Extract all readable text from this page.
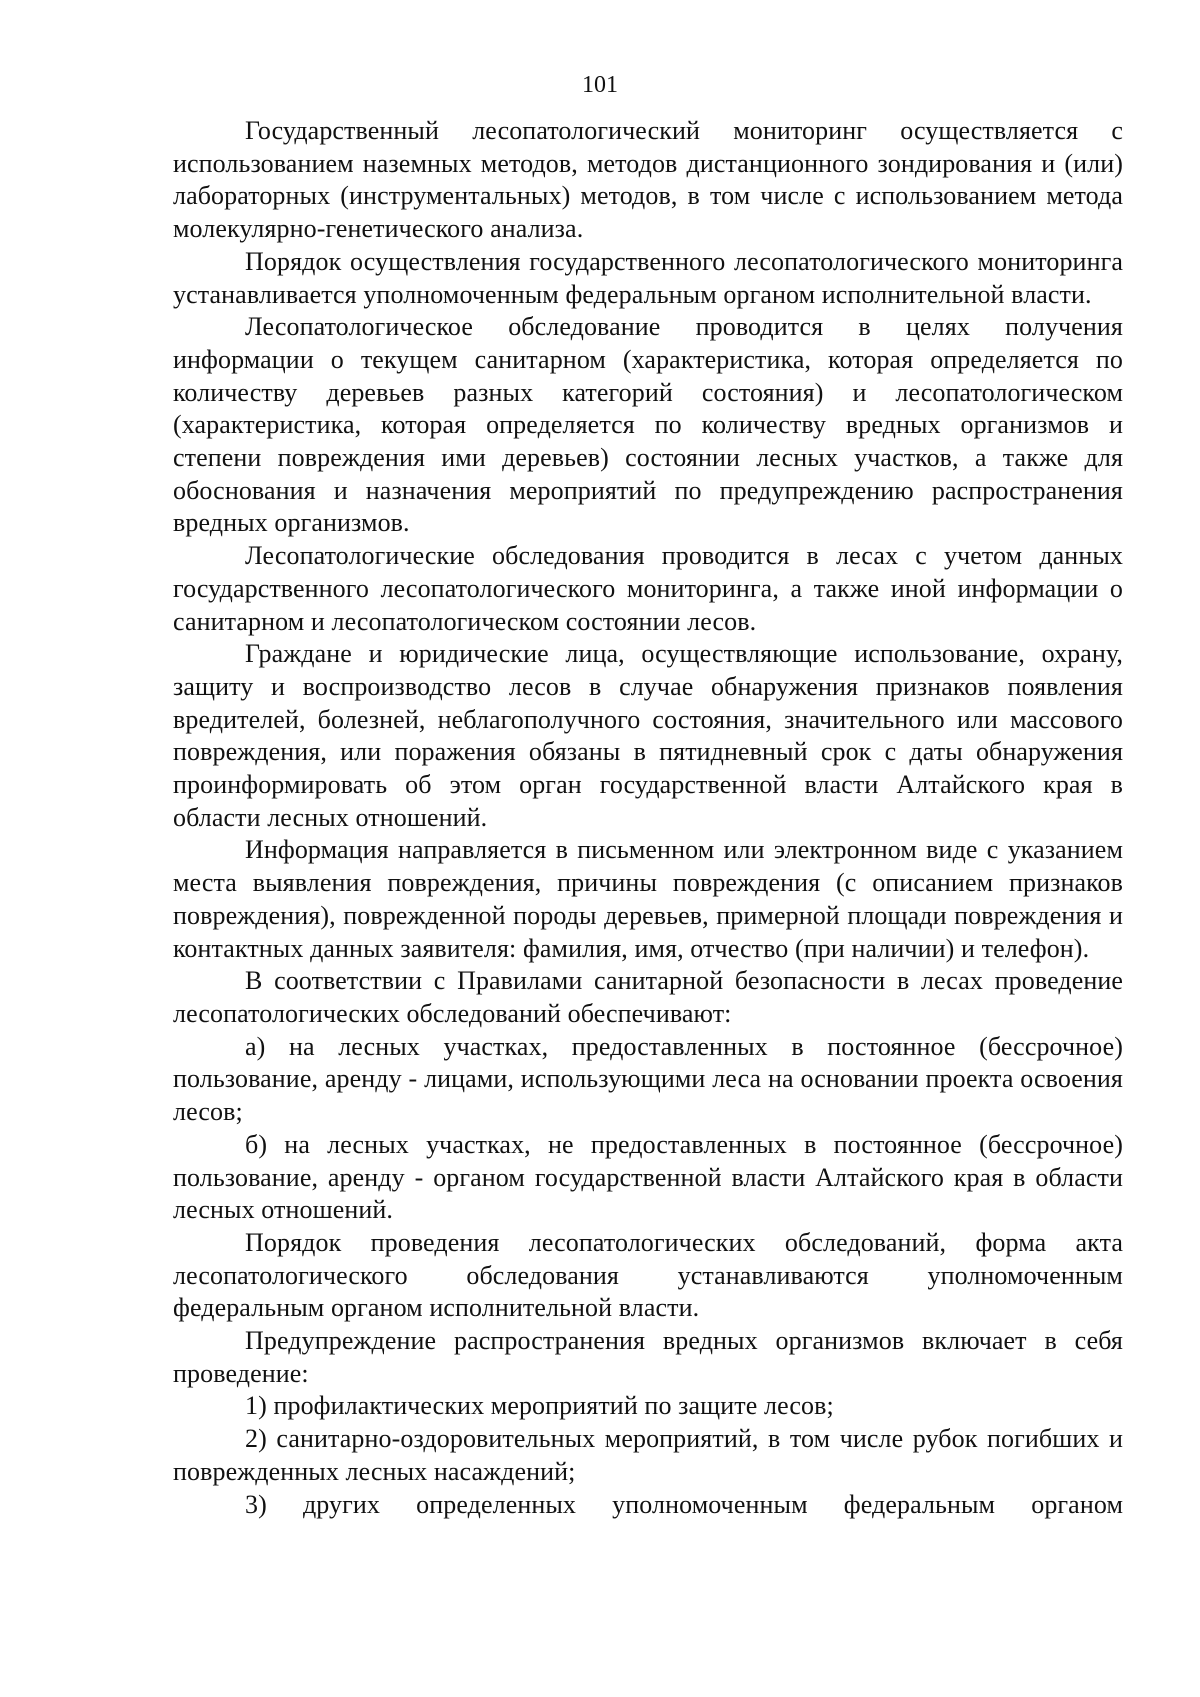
101

Государственный лесопатологический мониторинг осуществляется с использованием наземных методов, методов дистанционного зондирования и (или) лабораторных (инструментальных) методов, в том числе с использованием метода молекулярно-генетического анализа.

Порядок осуществления государственного лесопатологического мониторинга устанавливается уполномоченным федеральным органом исполнительной власти.

Лесопатологическое обследование проводится в целях получения информации о текущем санитарном (характеристика, которая определяется по количеству деревьев разных категорий состояния) и лесопатологическом (характеристика, которая определяется по количеству вредных организмов и степени повреждения ими деревьев) состоянии лесных участков, а также для обоснования и назначения мероприятий по предупреждению распространения вредных организмов.

Лесопатологические обследования проводится в лесах с учетом данных государственного лесопатологического мониторинга, а также иной информации о санитарном и лесопатологическом состоянии лесов.

Граждане и юридические лица, осуществляющие использование, охрану, защиту и воспроизводство лесов в случае обнаружения признаков появления вредителей, болезней, неблагополучного состояния, значительного или массового повреждения, или поражения обязаны в пятидневный срок с даты обнаружения проинформировать об этом орган государственной власти Алтайского края в области лесных отношений.

Информация направляется в письменном или электронном виде с указанием места выявления повреждения, причины повреждения (с описанием признаков повреждения), поврежденной породы деревьев, примерной площади повреждения и контактных данных заявителя: фамилия, имя, отчество (при наличии) и телефон).

В соответствии с Правилами санитарной безопасности в лесах проведение лесопатологических обследований обеспечивают:

а) на лесных участках, предоставленных в постоянное (бессрочное) пользование, аренду - лицами, использующими леса на основании проекта освоения лесов;

б) на лесных участках, не предоставленных в постоянное (бессрочное) пользование, аренду - органом государственной власти Алтайского края в области лесных отношений.

Порядок проведения лесопатологических обследований, форма акта лесопатологического обследования устанавливаются уполномоченным федеральным органом исполнительной власти.

Предупреждение распространения вредных организмов включает в себя проведение:

1) профилактических мероприятий по защите лесов;

2) санитарно-оздоровительных мероприятий, в том числе рубок погибших и поврежденных лесных насаждений;

3) других определенных уполномоченным федеральным органом
